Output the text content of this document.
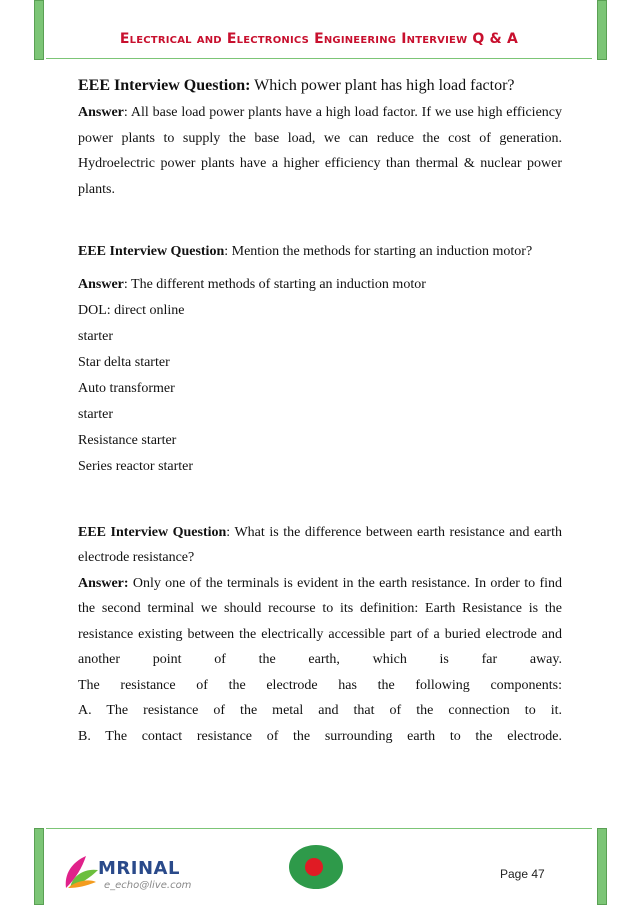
Electrical and Electronics Engineering Interview Q & A

EEE Interview Question: Which power plant has high load factor?

Answer: All base load power plants have a high load factor. If we use high efficiency power plants to supply the base load, we can reduce the cost of generation. Hydroelectric power plants have a higher efficiency than thermal & nuclear power plants.

EEE Interview Question: Mention the methods for starting an induction motor?

Answer: The different methods of starting an induction motor

DOL: direct online
starter
Star delta starter
Auto transformer
starter
Resistance starter
Series reactor starter

EEE Interview Question: What is the difference between earth resistance and earth electrode resistance?

Answer: Only one of the terminals is evident in the earth resistance. In order to find the second terminal we should recourse to its definition: Earth Resistance is the resistance existing between the electrically accessible part of a buried electrode and another point of the earth, which is far away.

The resistance of the electrode has the following components:

A. The resistance of the metal and that of the connection to it.

B. The contact resistance of the surrounding earth to the electrode.

MRINAL
e_echo@live.com
Page 47
